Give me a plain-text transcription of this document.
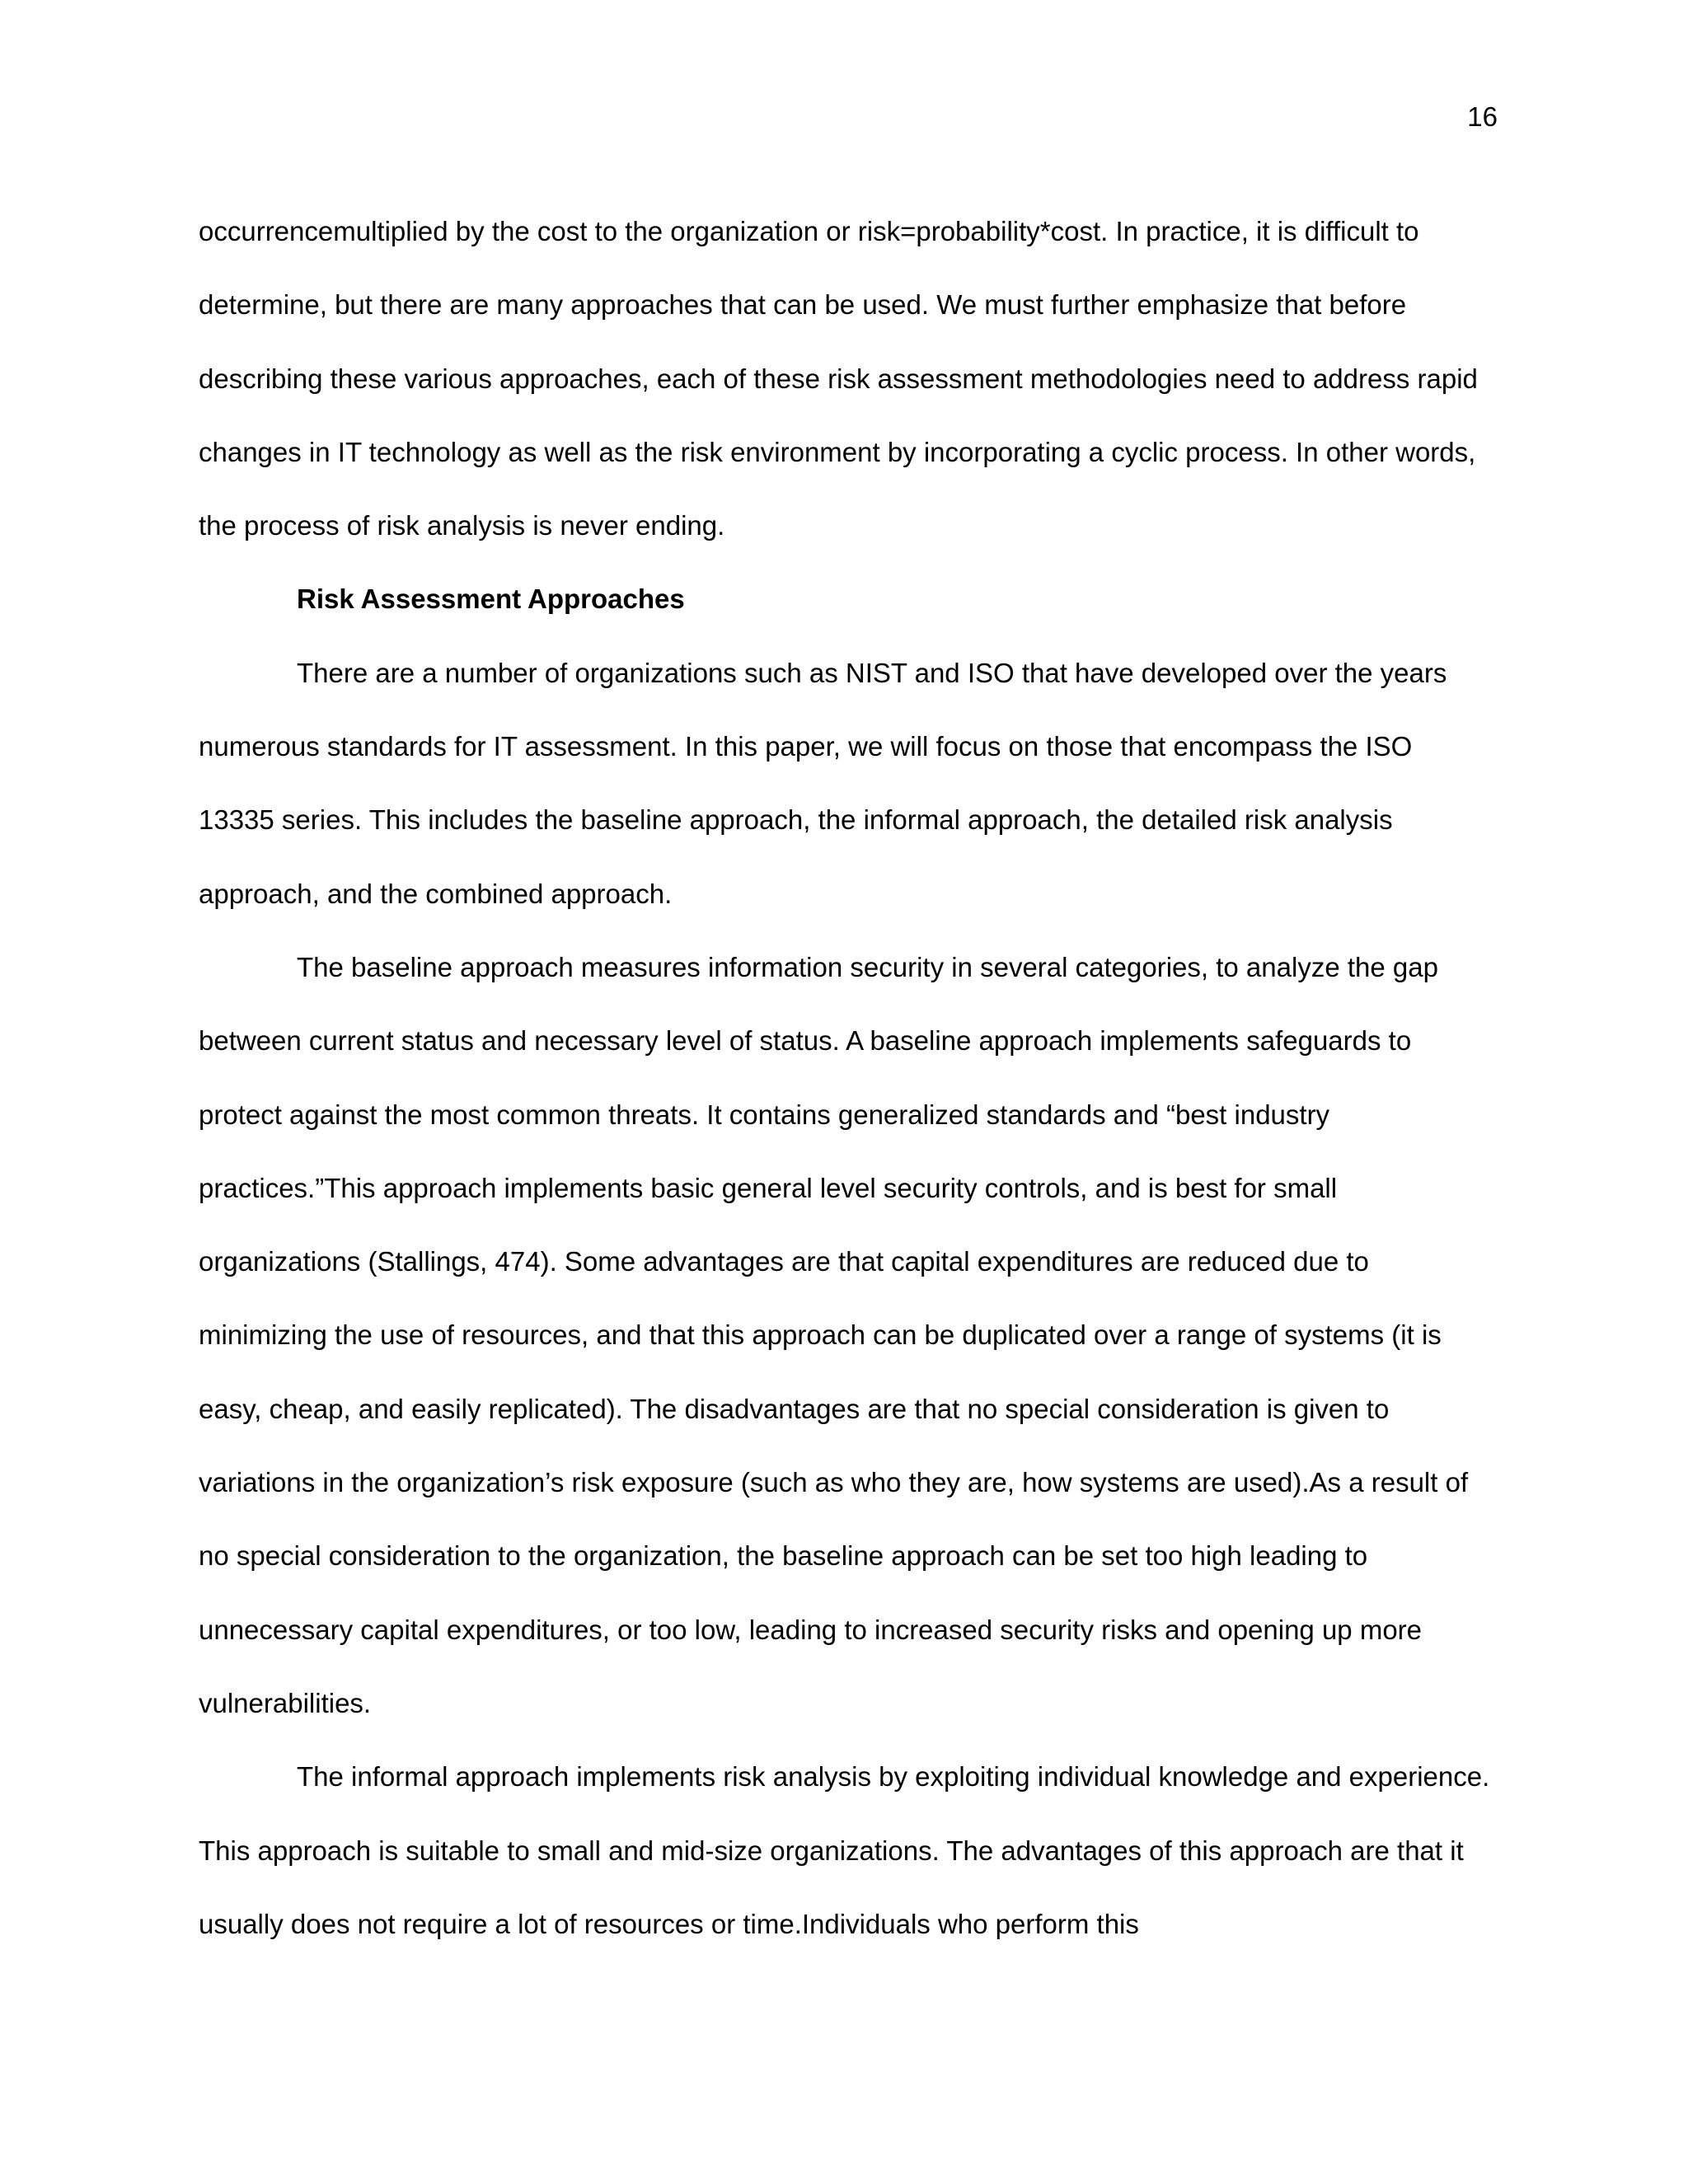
16

occurrencemultiplied by the cost to the organization or risk=probability*cost. In practice, it is difficult to determine, but there are many approaches that can be used. We must further emphasize that before describing these various approaches, each of these risk assessment methodologies need to address rapid changes in IT technology as well as the risk environment by incorporating a cyclic process. In other words, the process of risk analysis is never ending.

Risk Assessment Approaches

There are a number of organizations such as NIST and ISO that have developed over the years numerous standards for IT assessment. In this paper, we will focus on those that encompass the ISO 13335 series. This includes the baseline approach, the informal approach, the detailed risk analysis approach, and the combined approach.

The baseline approach measures information security in several categories, to analyze the gap between current status and necessary level of status. A baseline approach implements safeguards to protect against the most common threats. It contains generalized standards and “best industry practices.”This approach implements basic general level security controls, and is best for small organizations (Stallings, 474). Some advantages are that capital expenditures are reduced due to minimizing the use of resources, and that this approach can be duplicated over a range of systems (it is easy, cheap, and easily replicated). The disadvantages are that no special consideration is given to variations in the organization’s risk exposure (such as who they are, how systems are used).As a result of no special consideration to the organization, the baseline approach can be set too high leading to unnecessary capital expenditures, or too low, leading to increased security risks and opening up more vulnerabilities.

The informal approach implements risk analysis by exploiting individual knowledge and experience. This approach is suitable to small and mid-size organizations. The advantages of this approach are that it usually does not require a lot of resources or time.Individuals who perform this
